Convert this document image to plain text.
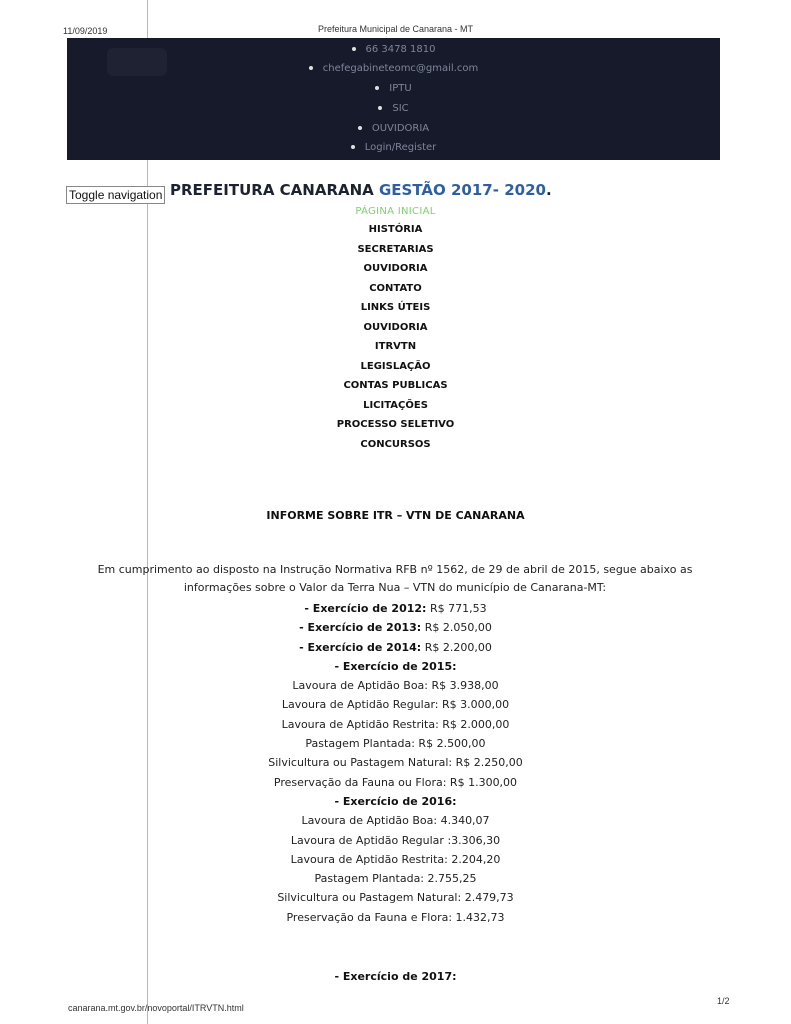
11/09/2019	Prefeitura Municipal de Canarana - MT
66 3478 1810
chefegabineteomc@gmail.com
IPTU
SIC
OUVIDORIA
Login/Register
Toggle navigation PREFEITURA CANARANA GESTÃO 2017- 2020.
PÁGINA INICIAL
HISTÓRIA
SECRETARIAS
OUVIDORIA
CONTATO
LINKS ÚTEIS
OUVIDORIA
ITRVTN
LEGISLAÇÃO
CONTAS PUBLICAS
LICITAÇÕES
PROCESSO SELETIVO
CONCURSOS
INFORME SOBRE ITR – VTN DE CANARANA
Em cumprimento ao disposto na Instrução Normativa RFB nº 1562, de 29 de abril de 2015, segue abaixo as informações sobre o Valor da Terra Nua – VTN do município de Canarana-MT:
- Exercício de 2012: R$ 771,53
- Exercício de 2013: R$ 2.050,00
- Exercício de 2014: R$ 2.200,00
- Exercício de 2015:
Lavoura de Aptidão Boa: R$ 3.938,00
Lavoura de Aptidão Regular: R$ 3.000,00
Lavoura de Aptidão Restrita: R$ 2.000,00
Pastagem Plantada: R$ 2.500,00
Silvicultura ou Pastagem Natural: R$ 2.250,00
Preservação da Fauna ou Flora: R$ 1.300,00
- Exercício de 2016:
Lavoura de Aptidão Boa: 4.340,07
Lavoura de Aptidão Regular :3.306,30
Lavoura de Aptidão Restrita: 2.204,20
Pastagem Plantada: 2.755,25
Silvicultura ou Pastagem Natural: 2.479,73
Preservação da Fauna e Flora: 1.432,73
- Exercício de 2017:
canarana.mt.gov.br/novoportal/ITRVTN.html
1/2
